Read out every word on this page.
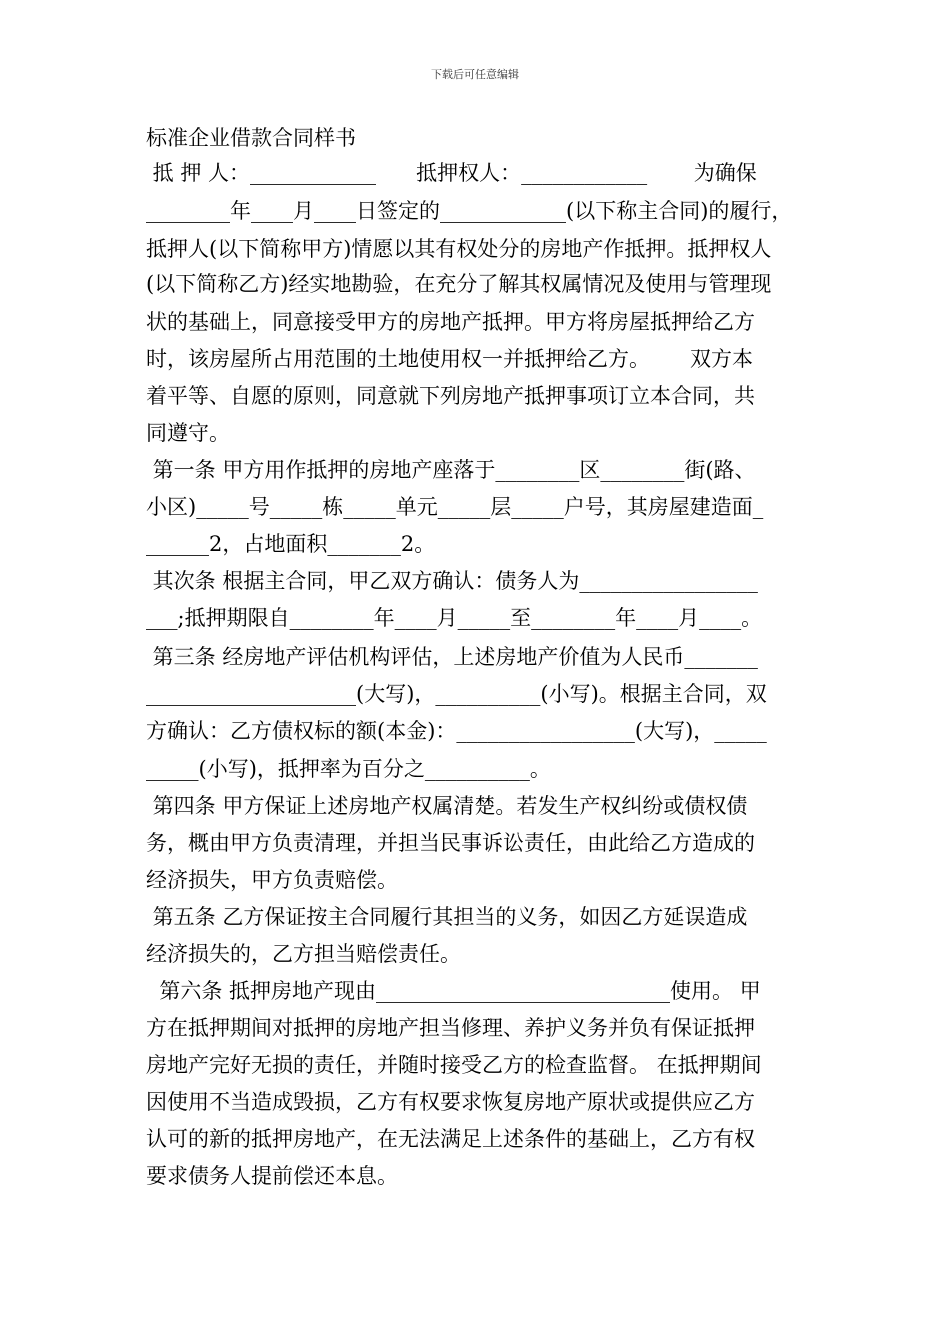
下载后可任意编辑
标准企业借款合同样书
抵 押 人：____________      抵押权人：____________       为确保
________年____月____日签定的____________(以下称主合同)的履行，
抵押人(以下简称甲方)情愿以其有权处分的房地产作抵押。抵押权人
(以下简称乙方)经实地勘验，在充分了解其权属情况及使用与管理现
状的基础上，同意接受甲方的房地产抵押。甲方将房屋抵押给乙方
时，该房屋所占用范围的土地使用权一并抵押给乙方。      双方本
着平等、自愿的原则，同意就下列房地产抵押事项订立本合同，共
同遵守。
第一条 甲方用作抵押的房地产座落于________区________街(路、
小区)_____号_____栋_____单元_____层_____户号，其房屋建造面_
______2，占地面积_______2。
其次条 根据主合同，甲乙双方确认：债务人为_________________
___;抵押期限自________年____月_____至________年____月____。
第三条 经房地产评估机构评估，上述房地产价值为人民币_______
____________________(大写)，__________(小写)。根据主合同，双
方确认：乙方债权标的额(本金)：_________________(大写)，_____
_____(小写)，抵押率为百分之__________。
第四条 甲方保证上述房地产权属清楚。若发生产权纠纷或债权债
务，概由甲方负责清理，并担当民事诉讼责任，由此给乙方造成的
经济损失，甲方负责赔偿。
第五条 乙方保证按主合同履行其担当的义务，如因乙方延误造成
经济损失的，乙方担当赔偿责任。
第六条 抵押房地产现由____________________________使用。 甲
方在抵押期间对抵押的房地产担当修理、养护义务并负有保证抵押
房地产完好无损的责任，并随时接受乙方的检查监督。 在抵押期间
因使用不当造成毁损，乙方有权要求恢复房地产原状或提供应乙方
认可的新的抵押房地产，在无法满足上述条件的基础上，乙方有权
要求债务人提前偿还本息。
